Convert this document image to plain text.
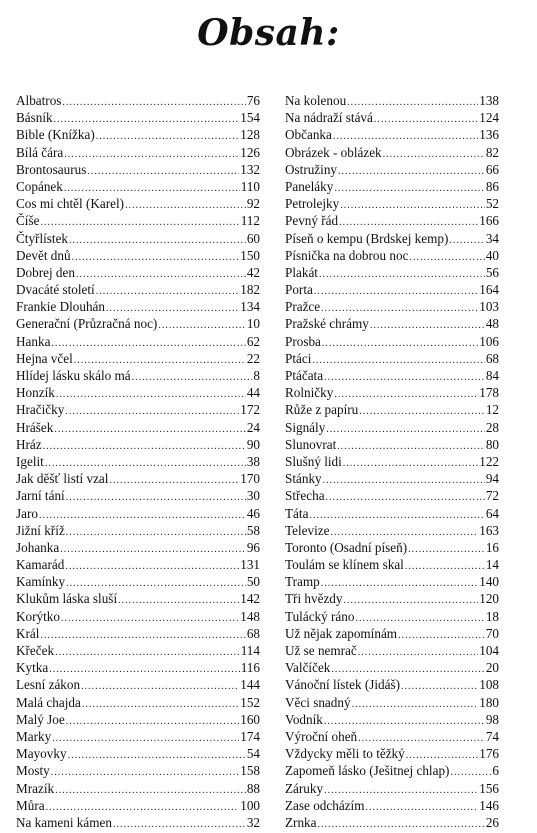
Obsah:
Albatros .....	76
Básník .....	154
Bible (Knížka) .....	128
Bílá čára .....	126
Brontosaurus .....	132
Copánek .....	110
Cos mi chtěl (Karel) .....	92
Číše .....	112
Čtyřlístek .....	60
Devět dnů .....	150
Dobrej den .....	42
Dvacáté století .....	182
Frankie Dlouhán .....	134
Generační (Průzračná noc) .....	10
Hanka .....	62
Hejna včel .....	22
Hlídej lásku skálo má .....	8
Honzík .....	44
Hračičky .....	172
Hrášek .....	24
Hráz .....	90
Igelit .....	38
Jak děšť listí vzal .....	170
Jarní tání .....	30
Jaro .....	46
Jižní kříž .....	58
Johanka .....	96
Kamarád .....	131
Kamínky .....	50
Klukům láska sluší .....	142
Korýtko .....	148
Král .....	68
Křeček .....	114
Kytka .....	116
Lesní zákon .....	144
Malá chajda .....	152
Malý Joe .....	160
Marky .....	174
Mayovky .....	54
Mosty .....	158
Mrazík .....	88
Můra .....	100
Na kameni kámen .....	32
Na kolenou .....	138
Na nádraží stává .....	124
Občanka .....	136
Obrázek - oblázek .....	82
Ostružiny .....	66
Paneláky .....	86
Petrolejky .....	52
Pevný řád .....	166
Píseň o kempu (Brdskej kemp) .....	34
Písnička na dobrou noc .....	40
Plakát .....	56
Porta .....	164
Pražce .....	103
Pražské chrámy .....	48
Prosba .....	106
Ptáci .....	68
Ptáčata .....	84
Rolničky .....	178
Růže z papíru .....	12
Signály .....	28
Slunovrat .....	80
Slušný lidi .....	122
Stánky .....	94
Střecha .....	72
Táta .....	64
Televize .....	163
Toronto (Osadní píseň) .....	16
Toulám se klínem skal .....	14
Tramp .....	140
Tři hvězdy .....	120
Tulácký ráno .....	18
Už nějak zapomínám .....	70
Už se nemrač .....	104
Valčíček .....	20
Vánoční lístek (Jidáš) .....	108
Věci snadný .....	180
Vodník .....	98
Výroční oheň .....	74
Vždycky měli to těžký .....	176
Zapomeň lásko (Ješitnej chlap) .....	6
Záruky .....	156
Zase odcházím .....	146
Zrnka .....	26
